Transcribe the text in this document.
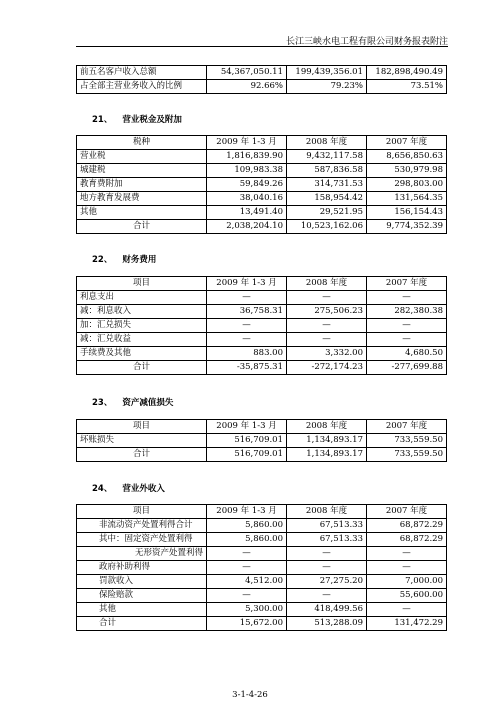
长江三峡水电工程有限公司财务报表附注
前五名客户收入总额	54,367,050.11	199,439,356.01	182,898,490.49
占全部主营业务收入的比例	92.66%	79.23%	73.51%
21、 营业税金及附加
税种	2009 年 1-3 月	2008 年度	2007 年度
营业税	1,816,839.90	9,432,117.58	8,656,850.63
城建税	109,983.38	587,836.58	530,979.98
教育费附加	59,849.26	314,731.53	298,803.00
地方教育发展费	38,040.16	158,954.42	131,564.35
其他	13,491.40	29,521.95	156,154.43
合计	2,038,204.10	10,523,162.06	9,774,352.39
22、 财务费用
项目	2009 年 1-3 月	2008 年度	2007 年度
利息支出	—	—	—
减：利息收入	36,758.31	275,506.23	282,380.38
加：汇兑损失	—	—	—
减：汇兑收益	—	—	—
手续费及其他	883.00	3,332.00	4,680.50
合计	-35,875.31	-272,174.23	-277,699.88
23、 资产减值损失
项目	2009 年 1-3 月	2008 年度	2007 年度
坏账损失	516,709.01	1,134,893.17	733,559.50
合计	516,709.01	1,134,893.17	733,559.50
24、 营业外收入
项目	2009 年 1-3 月	2008 年度	2007 年度
非流动资产处置利得合计	5,860.00	67,513.33	68,872.29
其中：固定资产处置利得	5,860.00	67,513.33	68,872.29
无形资产处置利得	—	—	—
政府补助利得	—	—	—
罚款收入	4,512.00	27,275.20	7,000.00
保险赔款	—	—	55,600.00
其他	5,300.00	418,499.56	—
合计	15,672.00	513,288.09	131,472.29
3-1-4-26
